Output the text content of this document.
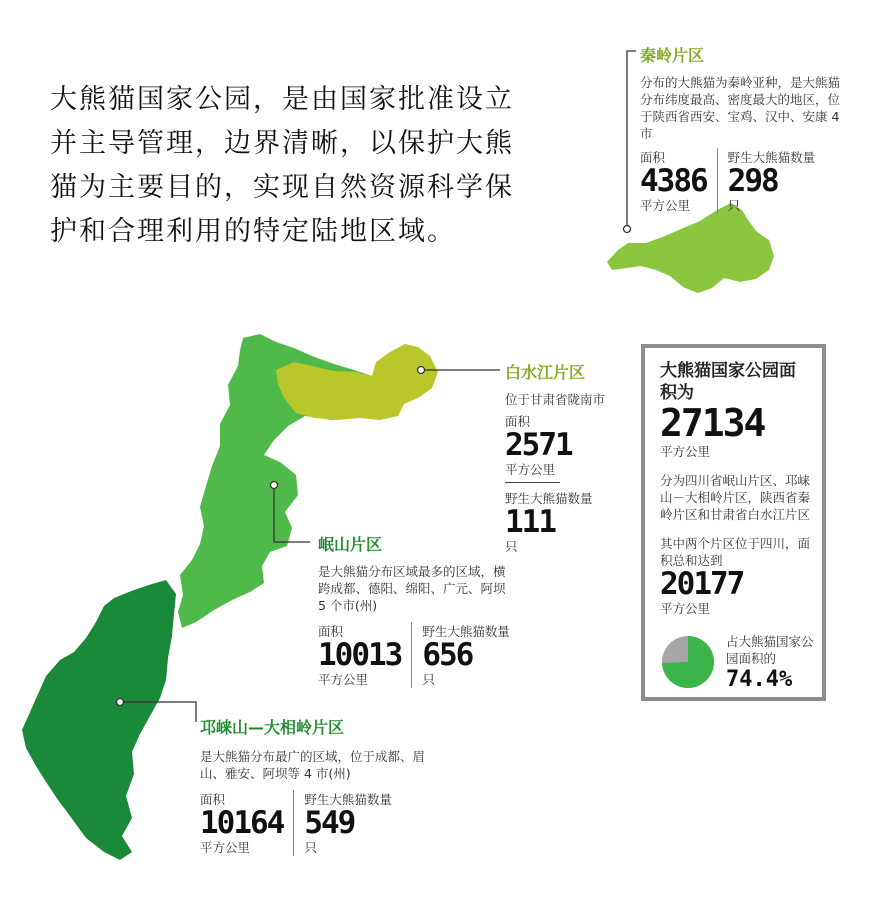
大熊猫国家公园，是由国家批准设立
并主导管理，边界清晰，以保护大熊
猫为主要目的，实现自然资源科学保
护和合理利用的特定陆地区域。

秦岭片区
分布的大熊猫为秦岭亚种，是大熊猫分布纬度最高、密度最大的地区，位于陕西省西安、宝鸡、汉中、安康 4 市
面积
4386
平方公里
野生大熊猫数量
298
只
白水江片区
位于甘肃省陇南市
面积
2571
平方公里
野生大熊猫数量
111
只
岷山片区
是大熊猫分布区域最多的区域，横跨成都、德阳、绵阳、广元、阿坝 5 个市(州)
面积
10013
平方公里
野生大熊猫数量
656
只
邛崃山—大相岭片区
是大熊猫分布最广的区域，位于成都、眉山、雅安、阿坝等 4 市(州)
面积
10164
平方公里
野生大熊猫数量
549
只
大熊猫国家公园面积为
27134
平方公里
分为四川省岷山片区、邛崃山－大相岭片区，陕西省秦岭片区和甘肃省白水江片区
其中两个片区位于四川，面积总和达到
20177
平方公里
占大熊猫国家公园面积的
74.4%
